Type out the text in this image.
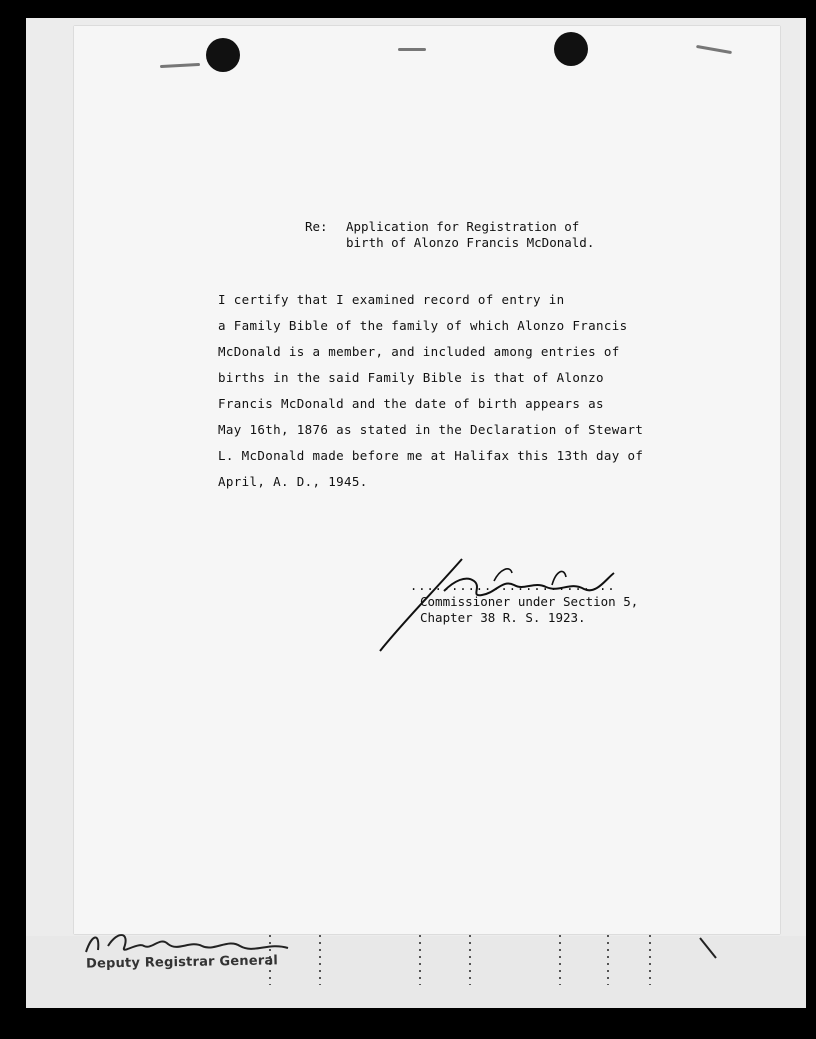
Deputy Registrar General
Re: Application for Registration of
birth of Alonzo Francis McDonald.
I certify that I examined record of entry in
a Family Bible of the family of which Alonzo Francis
McDonald is a member, and included among entries of
births in the said Family Bible is that of Alonzo
Francis McDonald and the date of birth appears as
May 16th, 1876 as stated in the Declaration of Stewart
L. McDonald made before me at Halifax this 13th day of
April, A. D., 1945.
.........................
Commissioner under Section 5,
Chapter 38 R. S. 1923.
